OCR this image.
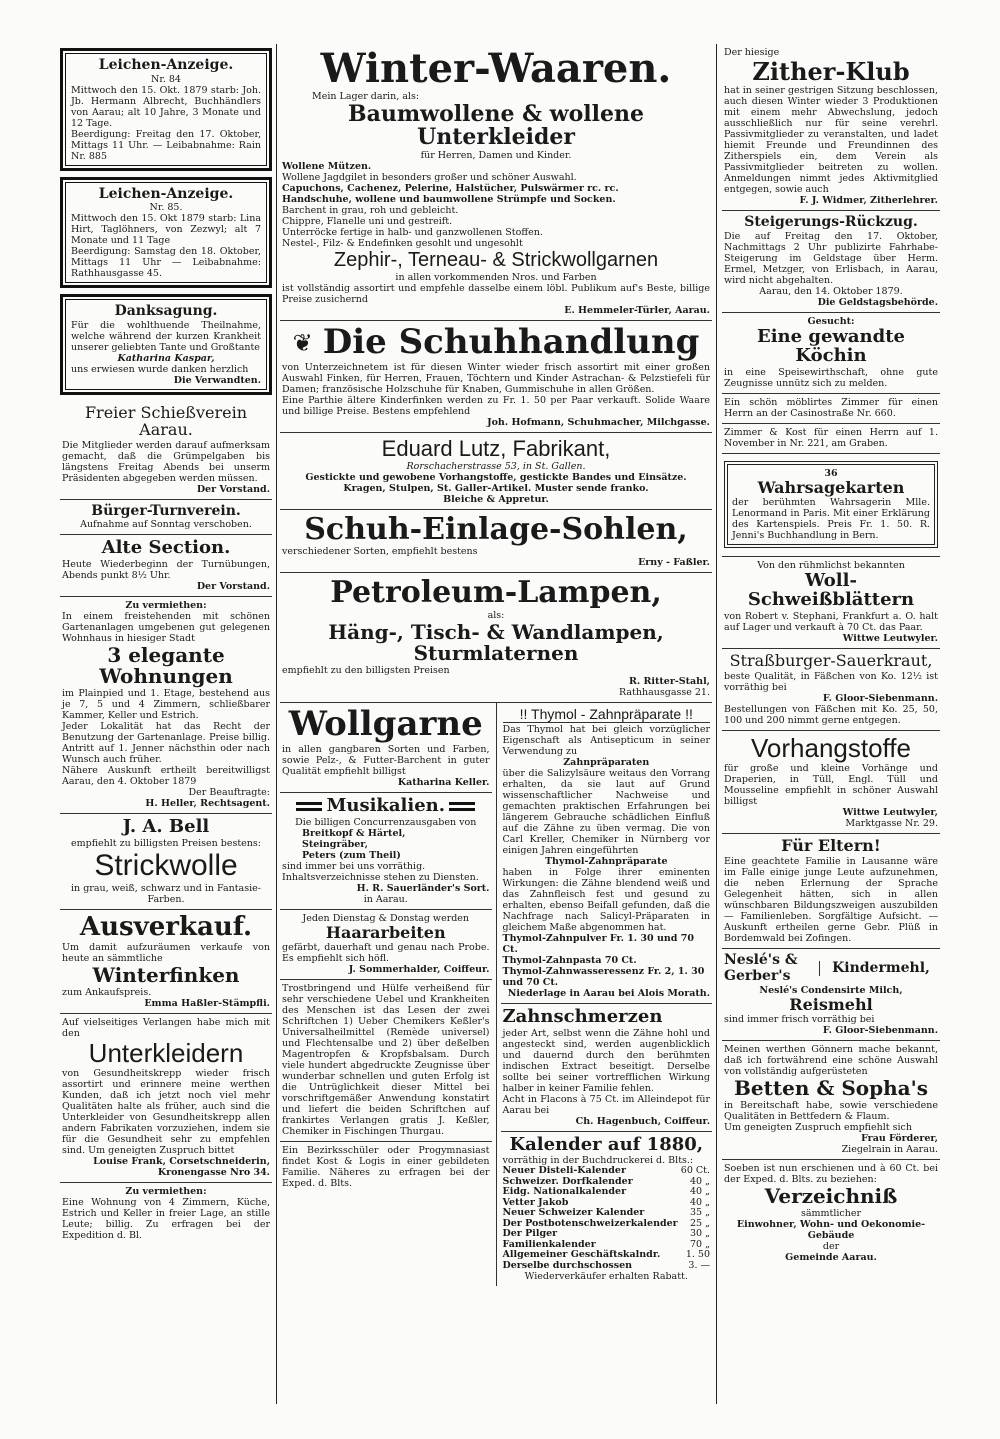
Leichen-Anzeige.

Nr. 84

Mittwoch den 15. Okt. 1879 starb: Joh. Jb. Hermann Albrecht, Buchhändlers von Aarau; alt 10 Jahre, 3 Monate und 12 Tage.

Beerdigung: Freitag den 17. Oktober, Mittags 11 Uhr. — Leibabnahme: Rain Nr. 885

Leichen-Anzeige.

Nr. 85.

Mittwoch den 15. Okt 1879 starb: Lina Hirt, Taglöhners, von Zezwyl; alt 7 Monate und 11 Tage

Beerdigung: Samstag den 18. Oktober, Mittags 11 Uhr — Leibabnahme: Rathhausgasse 45.

Danksagung.

Für die wohlthuende Theilnahme, welche während der kurzen Krankheit unserer geliebten Tante und Großtante

Katharina Kaspar,

uns erwiesen wurde danken herzlich

Die Verwandten.

Freier Schießverein Aarau.

Die Mitglieder werden darauf aufmerksam gemacht, daß die Grümpelgaben bis längstens Freitag Abends bei unserm Präsidenten abgegeben werden müssen.

Der Vorstand.

Bürger-Turnverein.

Aufnahme auf Sonntag verschoben.

Alte Section.

Heute Wiederbeginn der Turnübungen, Abends punkt 8½ Uhr.

Der Vorstand.

Zu vermiethen:

In einem freistehenden mit schönen Gartenanlagen umgebenen gut gelegenen Wohnhaus in hiesiger Stadt

3 elegante Wohnungen

im Plainpied und 1. Etage, bestehend aus je 7, 5 und 4 Zimmern, schließbarer Kammer, Keller und Estrich.

Jeder Lokalität hat das Recht der Benutzung der Gartenanlage. Preise billig. Antritt auf 1. Jenner nächsthin oder nach Wunsch auch früher.

Nähere Auskunft ertheilt bereitwilligst Aarau, den 4. Oktober 1879

Der Beauftragte:

H. Heller, Rechtsagent.

J. A. Bell

empfiehlt zu billigsten Preisen bestens:

Strickwolle

in grau, weiß, schwarz und in Fantasie-Farben.

Ausverkauf.

Um damit aufzuräumen verkaufe von heute an sämmtliche

Winterfinken

zum Ankaufspreis.

Emma Haßler-Stämpfli.

Auf vielseitiges Verlangen habe mich mit den

Unterkleidern

von Gesundheitskrepp wieder frisch assortirt und erinnere meine werthen Kunden, daß ich jetzt noch viel mehr Qualitäten halte als früher, auch sind die Unterkleider von Gesundheitskrepp allen andern Fabrikaten vorzuziehen, indem sie für die Gesundheit sehr zu empfehlen sind. Um geneigten Zuspruch bittet

Louise Frank, Corsetschneiderin, Kronengasse Nro 34.

Zu vermiethen:

Eine Wohnung von 4 Zimmern, Küche, Estrich und Keller in freier Lage, an stille Leute; billig. Zu erfragen bei der Expedition d. Bl.

Winter-Waaren.

Mein Lager darin, als:

Baumwollene & wollene Unterkleider

für Herren, Damen und Kinder.

Wollene Mützen.

Wollene Jagdgilet in besonders großer und schöner Auswahl.

Capuchons, Cachenez, Pelerine, Halstücher, Pulswärmer rc. rc.

Handschuhe, wollene und baumwollene Strümpfe und Socken.

Barchent in grau, roh und gebleicht.

Chippre, Flanelle uni und gestreift.

Unterröcke fertige in halb- und ganzwollenen Stoffen.

Nestel-, Filz- & Endefinken gesohlt und ungesohlt

Zephir-, Terneau- & Strickwollgarnen

in allen vorkommenden Nros. und Farben

ist vollständig assortirt und empfehle dasselbe einem löbl. Publikum auf's Beste, billige Preise zusichernd

E. Hemmeler-Türler, Aarau.

❦ Die Schuhhandlung

von Unterzeichnetem ist für diesen Winter wieder frisch assortirt mit einer großen Auswahl Finken, für Herren, Frauen, Töchtern und Kinder Astrachan- & Pelzstiefeli für Damen; französische Holzschuhe für Knaben, Gummischuhe in allen Größen.

Eine Parthie ältere Kinderfinken werden zu Fr. 1. 50 per Paar verkauft. Solide Waare und billige Preise. Bestens empfehlend

Joh. Hofmann, Schuhmacher, Milchgasse.

Eduard Lutz, Fabrikant,

Rorschacherstrasse 53, in St. Gallen.

Gestickte und gewobene Vorhangstoffe, gestickte Bandes und Einsätze.

Kragen, Stulpen, St. Galler-Artikel. Muster sende franko.

Bleiche & Appretur.

Schuh-Einlage-Sohlen,

verschiedener Sorten, empfiehlt bestens

Erny - Faßler.

Petroleum-Lampen,

als:

Häng-, Tisch- & Wandlampen, Sturmlaternen

empfiehlt zu den billigsten Preisen

R. Ritter-Stahl,

Rathhausgasse 21.

Wollgarne

in allen gangbaren Sorten und Farben, sowie Pelz-, & Futter-Barchent in guter Qualität empfiehlt billigst

Katharina Keller.

Musikalien.

Die billigen Concurrenzausgaben von

Breitkopf & Härtel,

Steingräber,

Peters (zum Theil)

sind immer bei uns vorräthig.

Inhaltsverzeichnisse stehen zu Diensten.

H. R. Sauerländer's Sort.

in Aarau.

Jeden Dienstag & Donstag werden

Haararbeiten

gefärbt, dauerhaft und genau nach Probe. Es empfiehlt sich höfl.

J. Sommerhalder, Coiffeur.

Trostbringend und Hülfe verheißend für sehr verschiedene Uebel und Krankheiten des Menschen ist das Lesen der zwei Schriftchen 1) Ueber Chemikers Keßler's Universalheilmittel (Remède universel) und Flechtensalbe und 2) über deßelben Magentropfen & Kropfsbalsam. Durch viele hundert abgedruckte Zeugnisse über wunderbar schnellen und guten Erfolg ist die Untrüglichkeit dieser Mittel bei vorschriftgemäßer Anwendung konstatirt und liefert die beiden Schriftchen auf frankirtes Verlangen gratis J. Keßler, Chemiker in Fischingen Thurgau.

Ein Bezirksschüler oder Progymnasiast findet Kost & Logis in einer gebildeten Familie. Näheres zu erfragen bei der Exped. d. Blts.

!! Thymol - Zahnpräparate !!

Das Thymol hat bei gleich vorzüglicher Eigenschaft als Antisepticum in seiner Verwendung zu

Zahnpräparaten

über die Salizylsäure weitaus den Vorrang erhalten, da sie laut auf Grund wissenschaftlicher Nachweise und gemachten praktischen Erfahrungen bei längerem Gebrauche schädlichen Einfluß auf die Zähne zu üben vermag. Die von Carl Kreller, Chemiker in Nürnberg vor einigen Jahren eingeführten

Thymol-Zahnpräparate

haben in Folge ihrer eminenten Wirkungen: die Zähne blendend weiß und das Zahnfleisch fest und gesund zu erhalten, ebenso Beifall gefunden, daß die Nachfrage nach Salicyl-Präparaten in gleichem Maße abgenommen hat.

Thymol-Zahnpulver Fr. 1. 30 und 70 Ct.

Thymol-Zahnpasta 70 Ct.

Thymol-Zahnwasseressenz Fr. 2, 1. 30 und 70 Ct.

Niederlage in Aarau bei Alois Morath.

Zahnschmerzen

jeder Art, selbst wenn die Zähne hohl und angesteckt sind, werden augenblicklich und dauernd durch den berühmten indischen Extract beseitigt. Derselbe sollte bei seiner vortrefflichen Wirkung halber in keiner Familie fehlen.

Acht in Flacons à 75 Ct. im Alleindepot für Aarau bei

Ch. Hagenbuch, Coiffeur.

Kalender auf 1880,

vorräthig in der Buchdruckerei d. Blts.:

Neuer Disteli-Kalender	60 Ct.
Schweizer. Dorfkalender	40 „
Eidg. Nationalkalender	40 „
Vetter Jakob	40 „
Neuer Schweizer Kalender	35 „
Der Postbotenschweizerkalender 25 „
Der Pilger	30 „
Familienkalender	70 „
Allgemeiner Geschäftskalndr.	1. 50
Derselbe durchschossen	3. —

Wiederverkäufer erhalten Rabatt.

Der hiesige

Zither-Klub

hat in seiner gestrigen Sitzung beschlossen, auch diesen Winter wieder 3 Produktionen mit einem mehr Abwechslung, jedoch ausschließlich nur für seine verehrl. Passivmitglieder zu veranstalten, und ladet hiemit Freunde und Freundinnen des Zitherspiels ein, dem Verein als Passivmitglieder beitreten zu wollen. Anmeldungen nimmt jedes Aktivmitglied entgegen, sowie auch

F. J. Widmer, Zitherlehrer.

Steigerungs-Rückzug.

Die auf Freitag den 17. Oktober, Nachmittags 2 Uhr publizirte Fahrhabe-Steigerung im Geldstage über Herm. Ermel, Metzger, von Erlisbach, in Aarau, wird nicht abgehalten.

Aarau, den 14. Oktober 1879.

Die Geldstagsbehörde.

Gesucht:

Eine gewandte Köchin

in eine Speisewirthschaft, ohne gute Zeugnisse unnütz sich zu melden.

Ein schön möblirtes Zimmer für einen Herrn an der Casinostraße Nr. 660.

Zimmer & Kost für einen Herrn auf 1. November in Nr. 221, am Graben.

36

Wahrsagekarten

der berühmten Wahrsagerin Mlle. Lenormand in Paris. Mit einer Erklärung des Kartenspiels. Preis Fr. 1. 50. R. Jenni's Buchhandlung in Bern.

Von den rühmlichst bekannten

Woll-Schweißblättern

von Robert v. Stephani, Frankfurt a. O. halt auf Lager und verkauft à 70 Ct. das Paar.

Wittwe Leutwyler.

Straßburger-Sauerkraut,

beste Qualität, in Fäßchen von Ko. 12½ ist vorräthig bei

F. Gloor-Siebenmann.

Bestellungen von Fäßchen mit Ko. 25, 50, 100 und 200 nimmt gerne entgegen.

Vorhangstoffe

für große und kleine Vorhänge und Draperien, in Tüll, Engl. Tüll und Mousseline empfiehlt in schöner Auswahl billigst

Wittwe Leutwyler,

Marktgasse Nr. 29.

Für Eltern!

Eine geachtete Familie in Lausanne wäre im Falle einige junge Leute aufzunehmen, die neben Erlernung der Sprache Gelegenheit hätten, sich in allen wünschbaren Bildungszweigen auszubilden — Familienleben. Sorgfältige Aufsicht. — Auskunft ertheilen gerne Gebr. Plüß in Bordemwald bei Zofingen.

Neslé's &
Gerber's	Kindermehl,

Neslé's Condensirte Milch,

Reismehl

sind immer frisch vorräthig bei

F. Gloor-Siebenmann.

Meinen werthen Gönnern mache bekannt, daß ich fortwährend eine schöne Auswahl von vollständig aufgerüsteten

Betten & Sopha's

in Bereitschaft habe, sowie verschiedene Qualitäten in Bettfedern & Flaum.

Um geneigten Zuspruch empfiehlt sich

Frau Förderer,

Ziegelrain in Aarau.

Soeben ist nun erschienen und à 60 Ct. bei der Exped. d. Blts. zu beziehen:

Verzeichniß

sämmtlicher

Einwohner, Wohn- und Oekonomie-Gebäude

der

Gemeinde Aarau.
